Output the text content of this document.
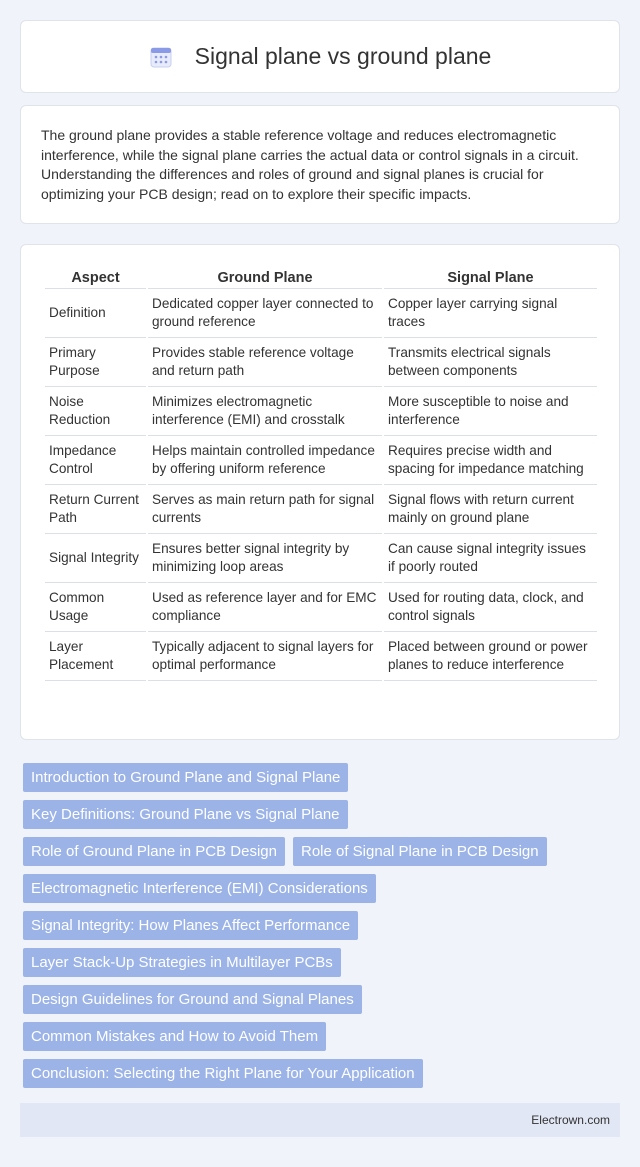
Signal plane vs ground plane

The ground plane provides a stable reference voltage and reduces electromagnetic interference, while the signal plane carries the actual data or control signals in a circuit. Understanding the differences and roles of ground and signal planes is crucial for optimizing your PCB design; read on to explore their specific impacts.

Aspect	Ground Plane	Signal Plane
Definition	Dedicated copper layer connected to ground reference	Copper layer carrying signal traces
Primary Purpose	Provides stable reference voltage and return path	Transmits electrical signals between components
Noise Reduction	Minimizes electromagnetic interference (EMI) and crosstalk	More susceptible to noise and interference
Impedance Control	Helps maintain controlled impedance by offering uniform reference	Requires precise width and spacing for impedance matching
Return Current Path	Serves as main return path for signal currents	Signal flows with return current mainly on ground plane
Signal Integrity	Ensures better signal integrity by minimizing loop areas	Can cause signal integrity issues if poorly routed
Common Usage	Used as reference layer and for EMC compliance	Used for routing data, clock, and control signals
Layer Placement	Typically adjacent to signal layers for optimal performance	Placed between ground or power planes to reduce interference
Introduction to Ground Plane and Signal Plane
Key Definitions: Ground Plane vs Signal Plane
Role of Ground Plane in PCB Design	Role of Signal Plane in PCB Design
Electromagnetic Interference (EMI) Considerations
Signal Integrity: How Planes Affect Performance
Layer Stack-Up Strategies in Multilayer PCBs
Design Guidelines for Ground and Signal Planes
Common Mistakes and How to Avoid Them
Conclusion: Selecting the Right Plane for Your Application
Electrown.com
